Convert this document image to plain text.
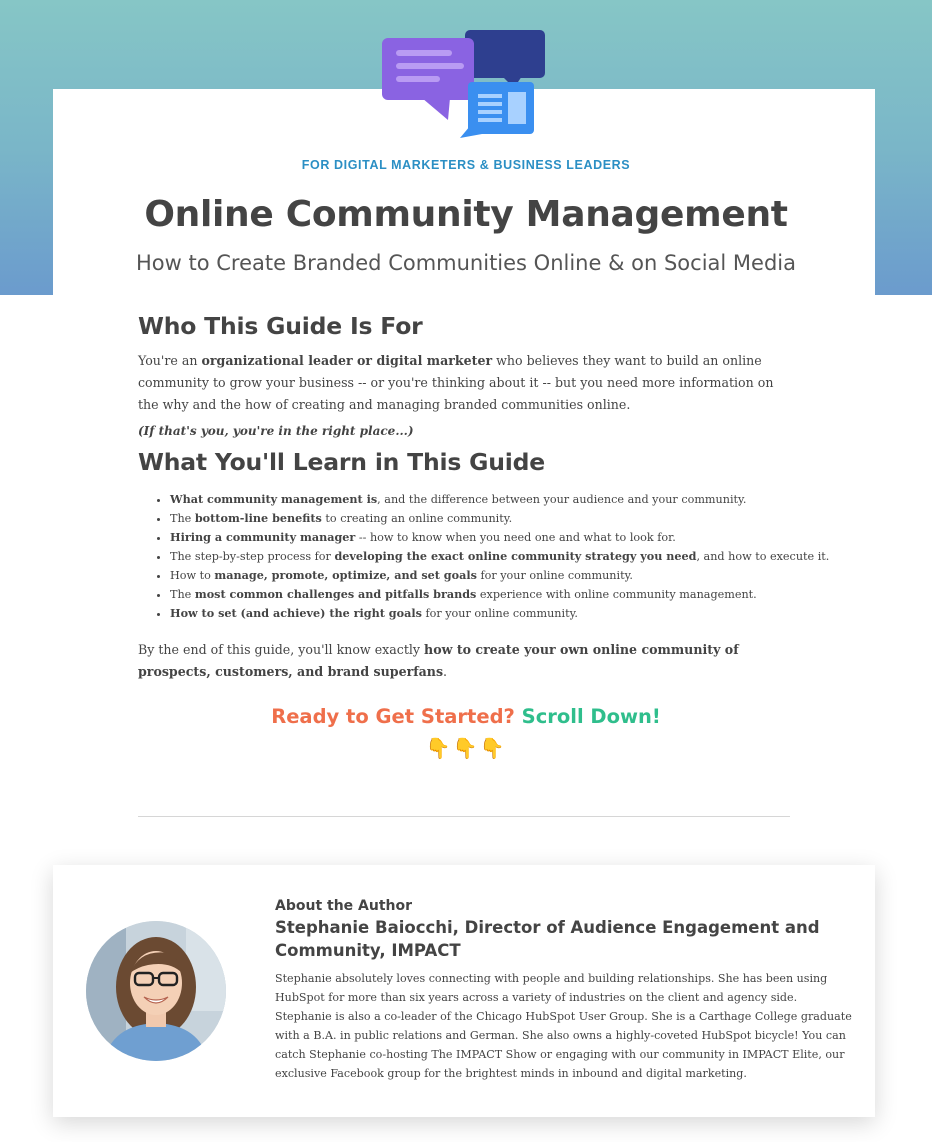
FOR DIGITAL MARKETERS & BUSINESS LEADERS
Online Community Management
How to Create Branded Communities Online & on Social Media
Who This Guide Is For

You're an organizational leader or digital marketer who believes they want to build an online community to grow your business -- or you're thinking about it -- but you need more information on the why and the how of creating and managing branded communities online.

(If that's you, you're in the right place...)

What You'll Learn in This Guide
• What community management is, and the difference between your audience and your community.
• The bottom-line benefits to creating an online community.
• Hiring a community manager -- how to know when you need one and what to look for.
• The step-by-step process for developing the exact online community strategy you need, and how to execute it.
• How to manage, promote, optimize, and set goals for your online community.
• The most common challenges and pitfalls brands experience with online community management.
• How to set (and achieve) the right goals for your online community.

By the end of this guide, you'll know exactly how to create your own online community of prospects, customers, and brand superfans.

Ready to Get Started? Scroll Down!
👇👇👇
About the Author
Stephanie Baiocchi, Director of Audience Engagement and Community, IMPACT

Stephanie absolutely loves connecting with people and building relationships. She has been using HubSpot for more than six years across a variety of industries on the client and agency side. Stephanie is also a co-leader of the Chicago HubSpot User Group. She is a Carthage College graduate with a B.A. in public relations and German. She also owns a highly-coveted HubSpot bicycle! You can catch Stephanie co-hosting The IMPACT Show or engaging with our community in IMPACT Elite, our exclusive Facebook group for the brightest minds in inbound and digital marketing.
